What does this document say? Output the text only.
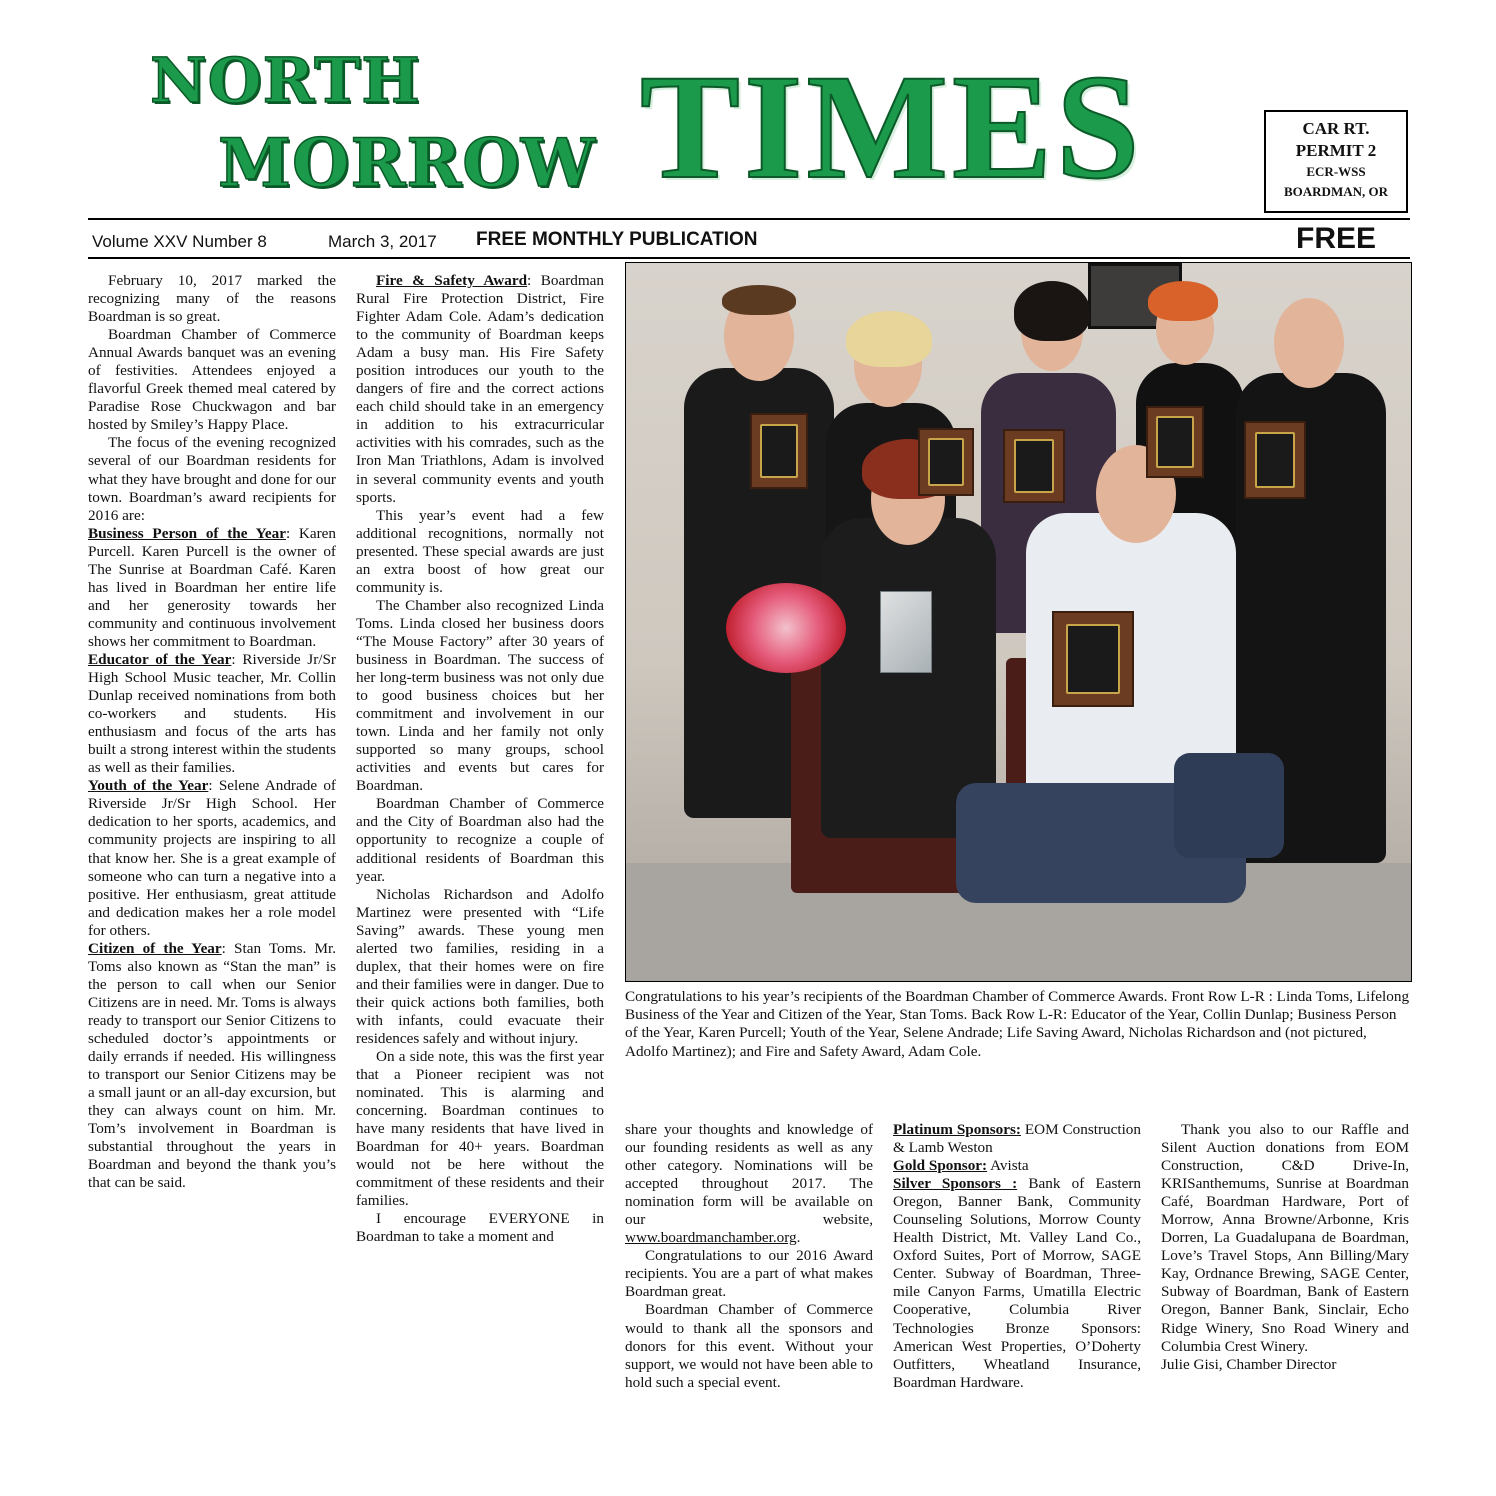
NORTH
MORROW TIMES	CAR RT.
PERMIT 2
ECR-WSS
BOARDMAN, OR
Volume XXV Number 8	March 3, 2017 FREE MONTHLY PUBLICATION	FREE

February 10, 2017 marked the recognizing many of the reasons Boardman is so great.

Boardman Chamber of Commerce Annual Awards banquet was an evening of festivities. Attendees enjoyed a flavorful Greek themed meal catered by Paradise Rose Chuckwagon and bar hosted by Smiley’s Happy Place.

The focus of the evening recognized several of our Boardman residents for what they have brought and done for our town. Boardman’s award recipients for 2016 are:

Business Person of the Year: Karen Purcell. Karen Purcell is the owner of The Sunrise at Boardman Café. Karen has lived in Boardman her entire life and her generosity towards her community and continuous involvement shows her commitment to Boardman.

Educator of the Year: Riverside Jr/Sr High School Music teacher, Mr. Collin Dunlap received nominations from both co-workers and students. His enthusiasm and focus of the arts has built a strong interest within the students as well as their families.

Youth of the Year: Selene Andrade of Riverside Jr/Sr High School. Her dedication to her sports, academics, and community projects are inspiring to all that know her. She is a great example of someone who can turn a negative into a positive. Her enthusiasm, great attitude and dedication makes her a role model for others.

Citizen of the Year: Stan Toms. Mr. Toms also known as “Stan the man” is the person to call when our Senior Citizens are in need. Mr. Toms is always ready to transport our Senior Citizens to scheduled doctor’s appointments or daily errands if needed. His willingness to transport our Senior Citizens may be a small jaunt or an all-day excursion, but they can always count on him. Mr. Tom’s involvement in Boardman is substantial throughout the years in Boardman and beyond the thank you’s that can be said.

Fire & Safety Award: Boardman Rural Fire Protection District, Fire Fighter Adam Cole. Adam’s dedication to the community of Boardman keeps Adam a busy man. His Fire Safety position introduces our youth to the dangers of fire and the correct actions each child should take in an emergency in addition to his extracurricular activities with his comrades, such as the Iron Man Triathlons, Adam is involved in several community events and youth sports.

This year’s event had a few additional recognitions, normally not presented. These special awards are just an extra boost of how great our community is.

The Chamber also recognized Linda Toms. Linda closed her business doors “The Mouse Factory” after 30 years of business in Boardman. The success of her long-term business was not only due to good business choices but her commitment and involvement in our town. Linda and her family not only supported so many groups, school activities and events but cares for Boardman.

Boardman Chamber of Commerce and the City of Boardman also had the opportunity to recognize a couple of additional residents of Boardman this year.

Nicholas Richardson and Adolfo Martinez were presented with “Life Saving” awards. These young men alerted two families, residing in a duplex, that their homes were on fire and their families were in danger. Due to their quick actions both families, both with infants, could evacuate their residences safely and without injury.

On a side note, this was the first year that a Pioneer recipient was not nominated. This is alarming and concerning. Boardman continues to have many residents that have lived in Boardman for 40+ years. Boardman would not be here without the commitment of these residents and their families.

I encourage EVERYONE in Boardman to take a moment and

Congratulations to his year’s recipients of the Boardman Chamber of Commerce Awards. Front Row L-R : Linda Toms, Lifelong Business of the Year and Citizen of the Year, Stan Toms. Back Row L-R: Educator of the Year, Collin Dunlap; Business Person of the Year, Karen Purcell; Youth of the Year, Selene Andrade; Life Saving Award, Nicholas Richardson and (not pictured, Adolfo Martinez); and Fire and Safety Award, Adam Cole.

share your thoughts and knowledge of our founding residents as well as any other category. Nominations will be accepted throughout 2017. The nomination form will be available on our website, www.boardmanchamber.org.

Congratulations to our 2016 Award recipients. You are a part of what makes Boardman great.

Boardman Chamber of Commerce would to thank all the sponsors and donors for this event. Without your support, we would not have been able to hold such a special event.

Platinum Sponsors: EOM Construction & Lamb Weston

Gold Sponsor: Avista

Silver Sponsors : Bank of Eastern Oregon, Banner Bank, Community Counseling Solutions, Morrow County Health District, Mt. Valley Land Co., Oxford Suites, Port of Morrow, SAGE Center. Subway of Boardman, Three-mile Canyon Farms, Umatilla Electric Cooperative, Columbia River Technologies Bronze Sponsors: American West Properties, O’Doherty Outfitters, Wheatland Insurance, Boardman Hardware.

Thank you also to our Raffle and Silent Auction donations from EOM Construction, C&D Drive-In, KRISanthemums, Sunrise at Boardman Café, Boardman Hardware, Port of Morrow, Anna Browne/Arbonne, Kris Dorren, La Guadalupana de Boardman, Love’s Travel Stops, Ann Billing/Mary Kay, Ordnance Brewing, SAGE Center, Subway of Boardman, Bank of Eastern Oregon, Banner Bank, Sinclair, Echo Ridge Winery, Sno Road Winery and Columbia Crest Winery.

Julie Gisi, Chamber Director
